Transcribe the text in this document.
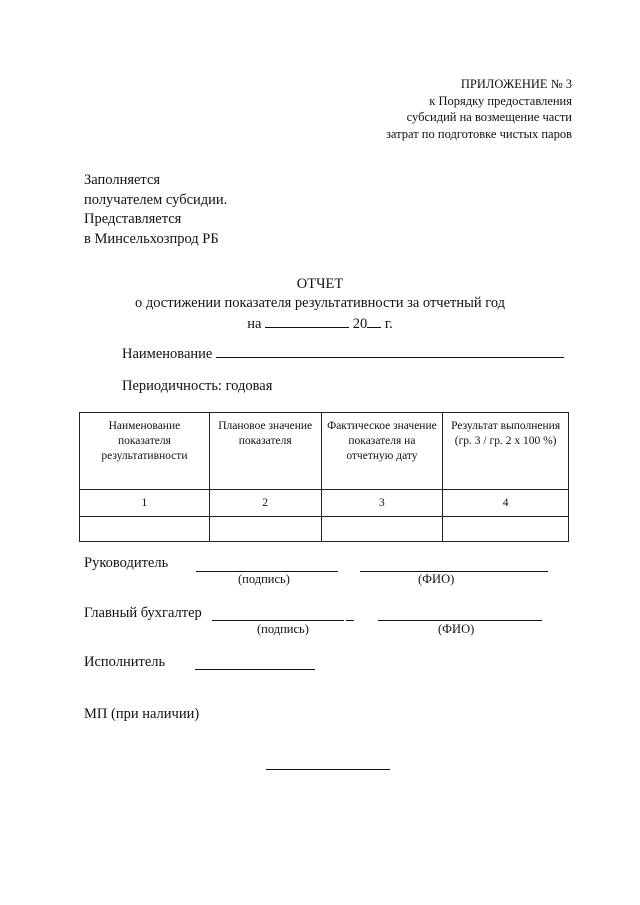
ПРИЛОЖЕНИЕ № 3
к Порядку предоставления
субсидий на возмещение части
затрат по подготовке чистых паров
Заполняется
получателем субсидии.
Представляется
в Минсельхозпрод РБ
ОТЧЕТ
о достижении показателя результативности за отчетный год
на	20 г.
Наименование
Периодичность: годовая
Наименование показателя результативности	Плановое значение показателя	Фактическое значение показателя на отчетную дату	Результат выполнения (гр. 3 / гр. 2 х 100 %)
1	2	3	4

Руководитель
(подпись)	(ФИО)
Главный бухгалтер
(подпись)	(ФИО)
Исполнитель
МП (при наличии)
